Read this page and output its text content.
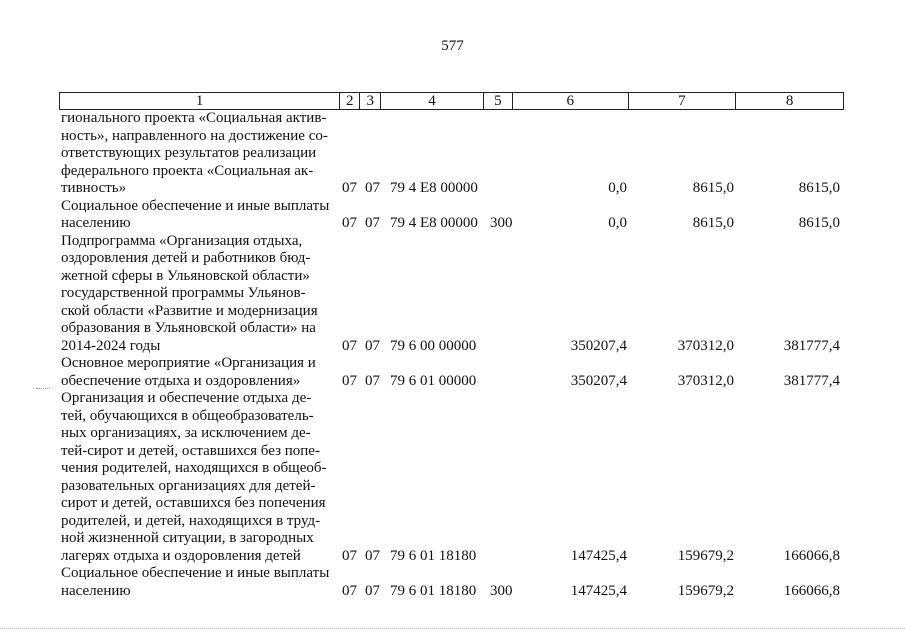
577
1	2 3	4	5	6	7	8
гионального проекта «Социальная актив-
ность», направленного на достижение со-
ответствующих результатов реализации
федерального проекта «Социальная ак-
тивность»	07 07 79 4 E8 00000	0,0	8615,0	8615,0
Социальное обеспечение и иные выплаты
населению	07 07 79 4 E8 00000 300	0,0	8615,0	8615,0
Подпрограмма «Организация отдыха,
оздоровления детей и работников бюд-
жетной сферы в Ульяновской области»
государственной программы Ульянов-
ской области «Развитие и модернизация
образования в Ульяновской области» на
2014-2024 годы	07 07 79 6 00 00000	350207,4	370312,0	381777,4
Основное мероприятие «Организация и
обеспечение отдыха и оздоровления»	07 07 79 6 01 00000	350207,4	370312,0	381777,4
Организация и обеспечение отдыха де-
тей, обучающихся в общеобразователь-
ных организациях, за исключением де-
тей-сирот и детей, оставшихся без попе-
чения родителей, находящихся в общеоб-
разовательных организациях для детей-
сирот и детей, оставшихся без попечения
родителей, и детей, находящихся в труд-
ной жизненной ситуации, в загородных
лагерях отдыха и оздоровления детей	07 07 79 6 01 18180	147425,4	159679,2	166066,8
Социальное обеспечение и иные выплаты
населению	07 07 79 6 01 18180 300	147425,4	159679,2	166066,8
